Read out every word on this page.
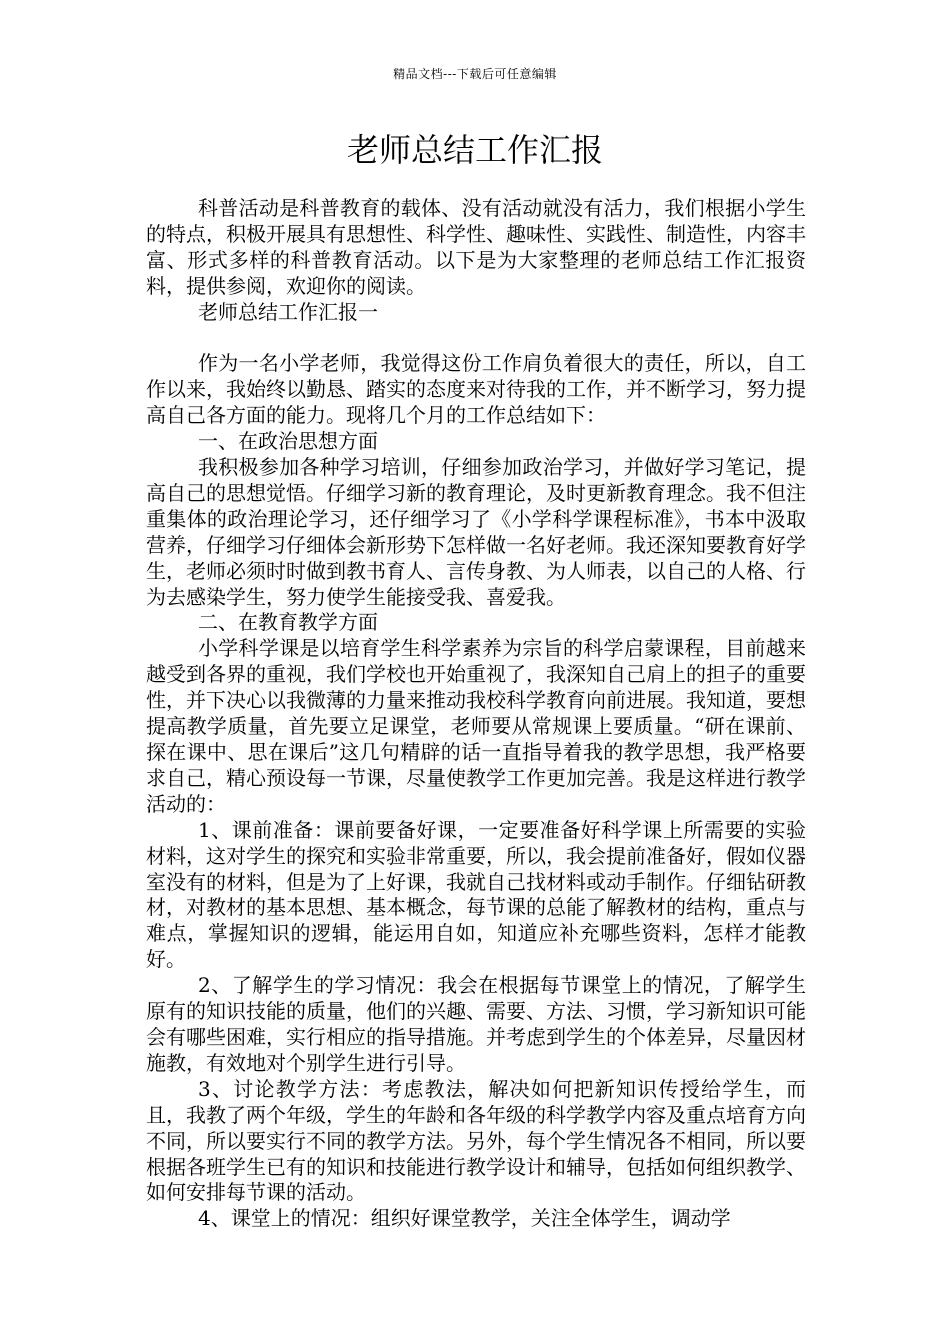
精品文档---下载后可任意编辑
老师总结工作汇报

科普活动是科普教育的载体、没有活动就没有活力，我们根据小学生的特点，积极开展具有思想性、科学性、趣味性、实践性、制造性，内容丰富、形式多样的科普教育活动。以下是为大家整理的老师总结工作汇报资料，提供参阅，欢迎你的阅读。

老师总结工作汇报一

作为一名小学老师，我觉得这份工作肩负着很大的责任，所以，自工作以来，我始终以勤恳、踏实的态度来对待我的工作，并不断学习，努力提高自己各方面的能力。现将几个月的工作总结如下：

一、在政治思想方面

我积极参加各种学习培训，仔细参加政治学习，并做好学习笔记，提高自己的思想觉悟。仔细学习新的教育理论，及时更新教育理念。我不但注重集体的政治理论学习，还仔细学习了《小学科学课程标准》，书本中汲取营养，仔细学习仔细体会新形势下怎样做一名好老师。我还深知要教育好学生，老师必须时时做到教书育人、言传身教、为人师表，以自己的人格、行为去感染学生，努力使学生能接受我、喜爱我。

二、在教育教学方面

小学科学课是以培育学生科学素养为宗旨的科学启蒙课程，目前越来越受到各界的重视，我们学校也开始重视了，我深知自己肩上的担子的重要性，并下决心以我微薄的力量来推动我校科学教育向前进展。我知道，要想提高教学质量，首先要立足课堂，老师要从常规课上要质量。“研在课前、探在课中、思在课后”这几句精辟的话一直指导着我的教学思想，我严格要求自己，精心预设每一节课，尽量使教学工作更加完善。我是这样进行教学活动的：

1、课前准备：课前要备好课，一定要准备好科学课上所需要的实验材料，这对学生的探究和实验非常重要，所以，我会提前准备好，假如仪器室没有的材料，但是为了上好课，我就自己找材料或动手制作。仔细钻研教材，对教材的基本思想、基本概念，每节课的总能了解教材的结构，重点与难点，掌握知识的逻辑，能运用自如，知道应补充哪些资料，怎样才能教好。

2、了解学生的学习情况：我会在根据每节课堂上的情况，了解学生原有的知识技能的质量，他们的兴趣、需要、方法、习惯，学习新知识可能会有哪些困难，实行相应的指导措施。并考虑到学生的个体差异，尽量因材施教，有效地对个别学生进行引导。

3、讨论教学方法：考虑教法，解决如何把新知识传授给学生，而且，我教了两个年级，学生的年龄和各年级的科学教学内容及重点培育方向不同，所以要实行不同的教学方法。另外，每个学生情况各不相同，所以要根据各班学生已有的知识和技能进行教学设计和辅导，包括如何组织教学、如何安排每节课的活动。

4、课堂上的情况：组织好课堂教学，关注全体学生，调动学
